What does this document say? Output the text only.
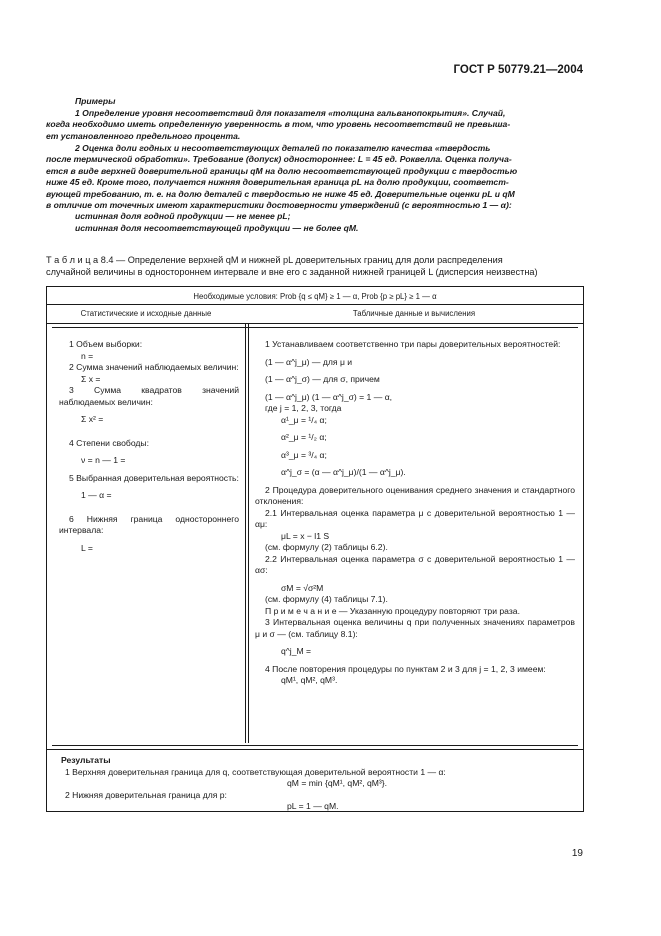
ГОСТ Р 50779.21—2004

Примеры

1 Определение уровня несоответствий для показателя «толщина гальванопокрытия». Случай,

когда необходимо иметь определенную уверенность в том, что уровень несоответствий не превыша-

ет установленного предельного процента.

2 Оценка доли годных и несоответствующих деталей по показателю качества «твердость

после термической обработки». Требование (допуск) одностороннее: L = 45 ед. Роквелла. Оценка получа-

ется в виде верхней доверительной границы qM на долю несоответствующей продукции с твердостью

ниже 45 ед. Кроме того, получается нижняя доверительная граница pL на долю продукции, соответст-

вующей требованию, т. е. на долю деталей с твердостью не ниже 45 ед. Доверительные оценки pL и qM

в отличие от точечных имеют характеристики достоверности утверждений (с вероятностью 1 — α):

истинная доля годной продукции — не менее pL;

истинная доля несоответствующей продукции — не более qM.

Т а б л и ц а 8.4 — Определение верхней qM и нижней pL доверительных границ для доли распределения
случайной величины в одностороннем интервале и вне его с заданной нижней границей L (дисперсия неизвестна)
Необходимые условия: Prob {q ≤ qM} ≥ 1 — α, Prob {p ≥ pL} ≥ 1 — α
Статистические и исходные данные	Табличные данные и вычисления
1 Объем выборки:
n =
2 Сумма значений наблюдаемых величин:
Σ x =
3 Сумма квадратов значений наблюдаемых величин:
Σ x² =
4 Степени свободы:
ν = n — 1 =
5 Выбранная доверительная вероятность:
1 — α =
6 Нижняя граница одностороннего интервала:
L =
1 Устанавливаем соответственно три пары доверительных вероятностей:
(1 — α^j_μ) — для μ и
(1 — α^j_σ) — для σ, причем
(1 — α^j_μ) (1 — α^j_σ) = 1 — α,
где j = 1, 2, 3, тогда
α¹_μ = ¹/₄ α;
α²_μ = ¹/₂ α;
α³_μ = ³/₄ α;
α^j_σ = (α — α^j_μ)/(1 — α^j_μ).
2 Процедура доверительного оценивания среднего значения и стандартного отклонения:
2.1 Интервальная оценка параметра μ с доверительной вероятностью 1 — αμ:
μL = x − l1 S
(см. формулу (2) таблицы 6.2).
2.2 Интервальная оценка параметра σ с доверительной вероятностью 1 — ασ:
σM = √σ²M
(см. формулу (4) таблицы 7.1).
П р и м е ч а н и е — Указанную процедуру повторяют три раза.
3 Интервальная оценка величины q при полученных значениях параметров μ и σ — (см. таблицу 8.1):
q^j_M =
4 После повторения процедуры по пунктам 2 и 3 для j = 1, 2, 3 имеем:
qM¹, qM², qM³.
Результаты
1 Верхняя доверительная граница для q, соответствующая доверительной вероятности 1 — α:
qM = min {qM¹, qM², qM³}.
2 Нижняя доверительная граница для p:
pL = 1 — qM.
19
